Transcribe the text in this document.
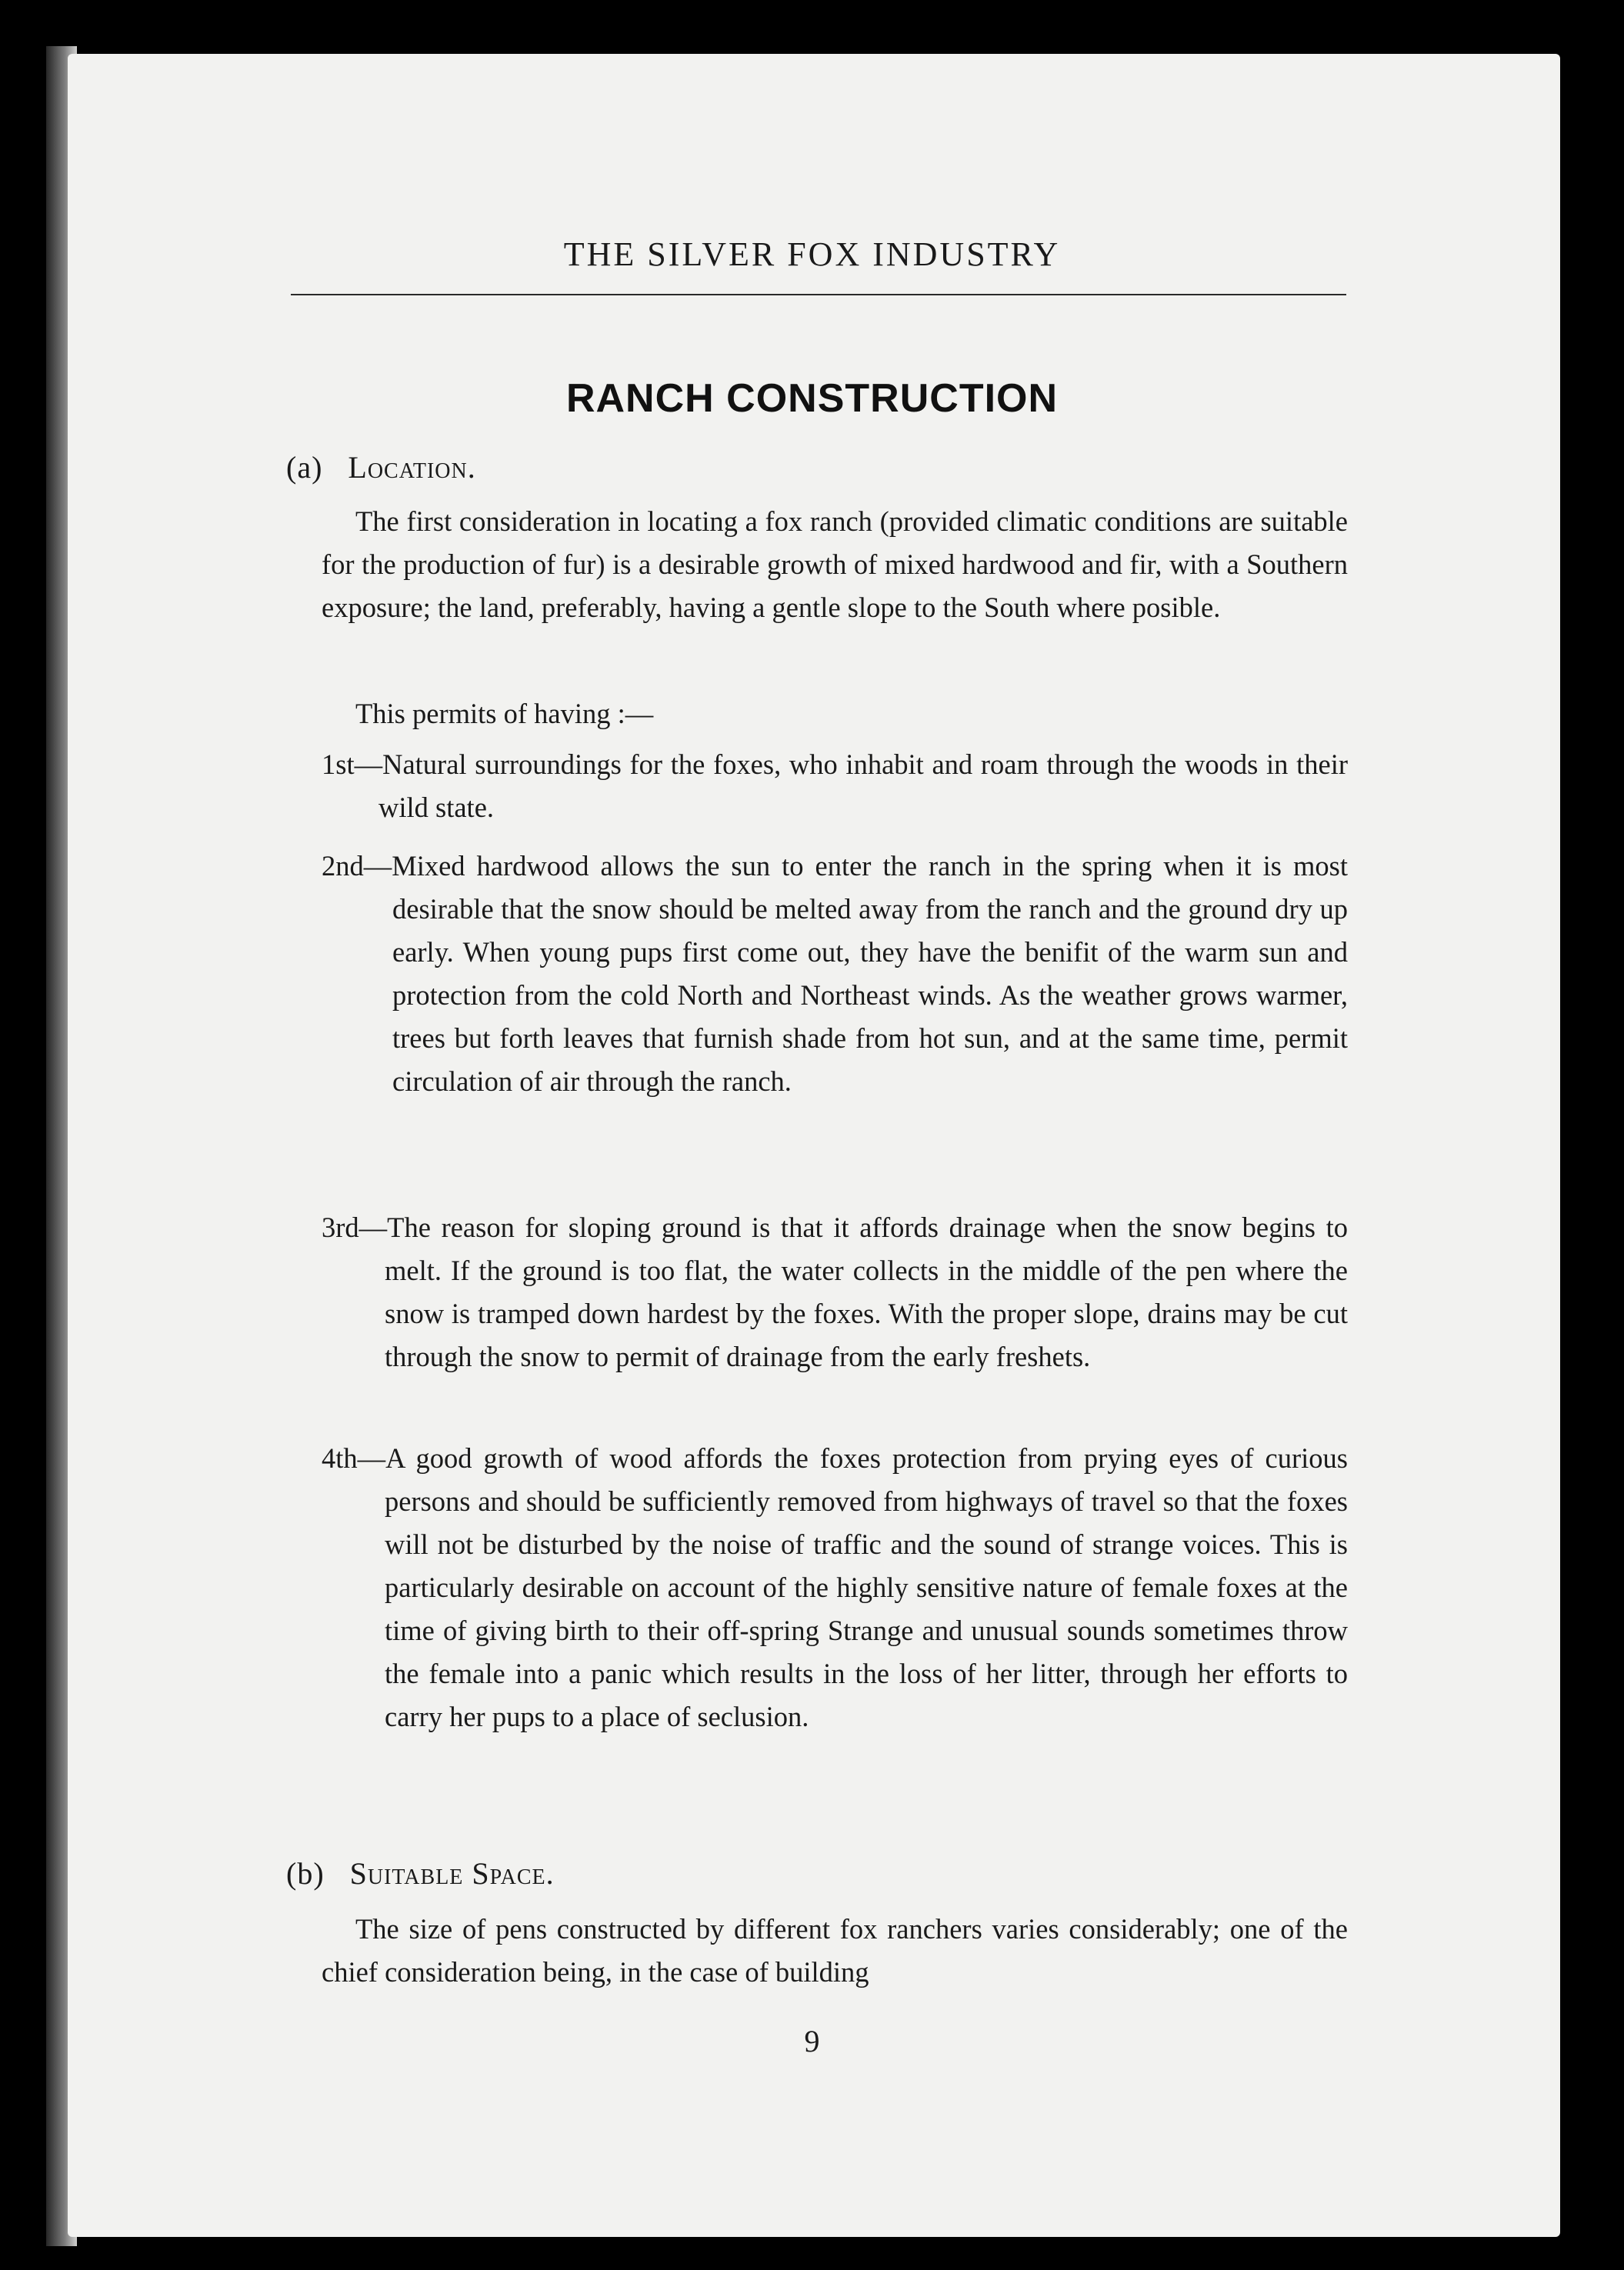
THE SILVER FOX INDUSTRY
RANCH CONSTRUCTION
(a) Location.
The first consideration in locating a fox ranch (provided climatic conditions are suitable for the production of fur) is a desirable growth of mixed hardwood and fir, with a Southern exposure; the land, preferably, having a gentle slope to the South where posible.
This permits of having :—
1st—Natural surroundings for the foxes, who inhabit and roam through the woods in their wild state.
2nd—Mixed hardwood allows the sun to enter the ranch in the spring when it is most desirable that the snow should be melted away from the ranch and the ground dry up early. When young pups first come out, they have the benifit of the warm sun and protection from the cold North and Northeast winds. As the weather grows warmer, trees but forth leaves that furnish shade from hot sun, and at the same time, permit circulation of air through the ranch.
3rd—The reason for sloping ground is that it affords drainage when the snow begins to melt. If the ground is too flat, the water collects in the middle of the pen where the snow is tramped down hardest by the foxes. With the proper slope, drains may be cut through the snow to permit of drainage from the early freshets.
4th—A good growth of wood affords the foxes protection from prying eyes of curious persons and should be sufficiently removed from highways of travel so that the foxes will not be disturbed by the noise of traffic and the sound of strange voices. This is particularly desirable on account of the highly sensitive nature of female foxes at the time of giving birth to their off-spring Strange and unusual sounds sometimes throw the female into a panic which results in the loss of her litter, through her efforts to carry her pups to a place of seclusion.
(b) Suitable Space.
The size of pens constructed by different fox ranchers varies considerably; one of the chief consideration being, in the case of building
9
